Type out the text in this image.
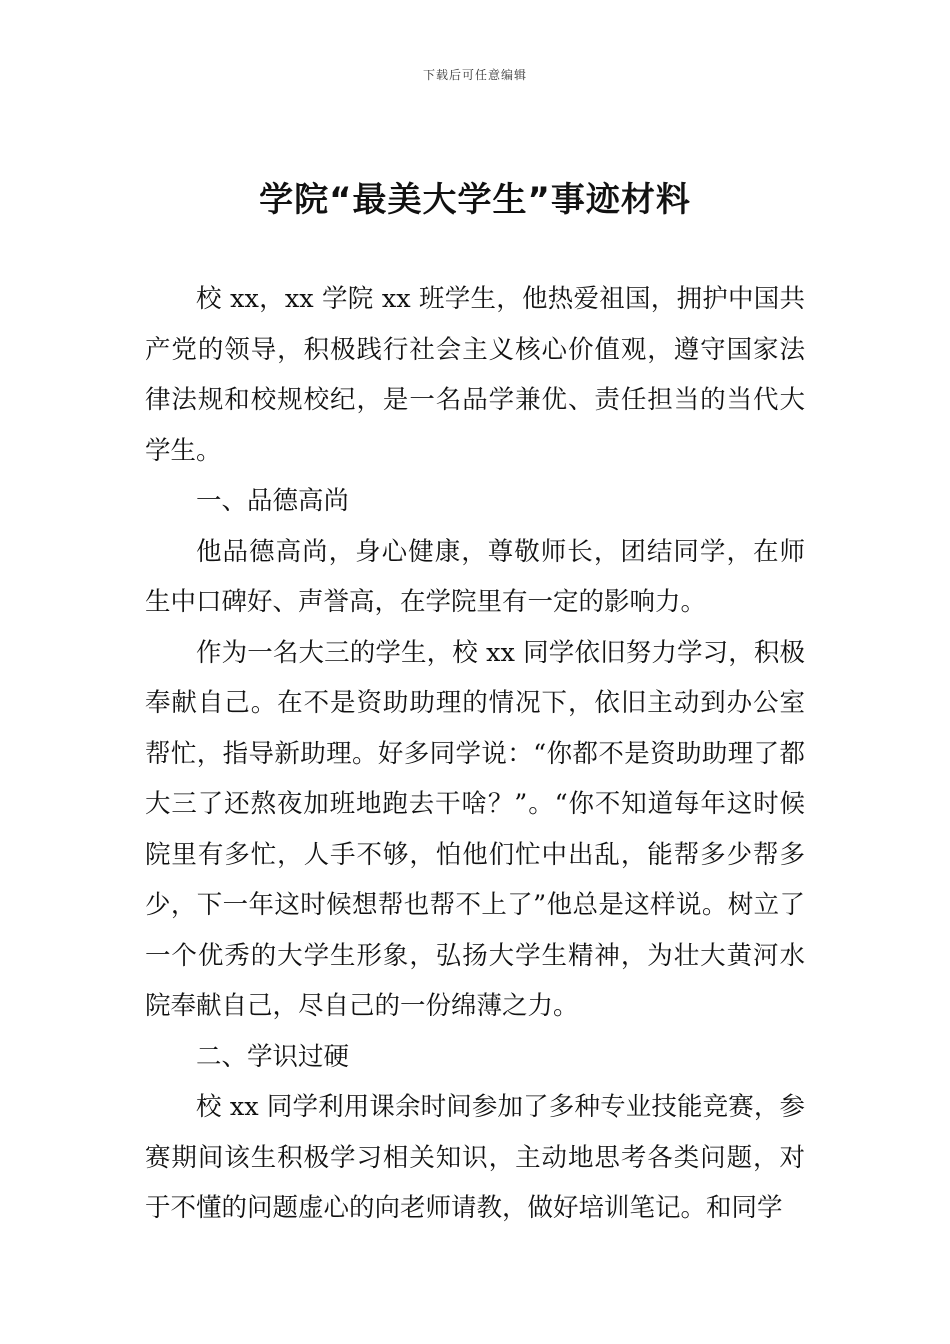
下载后可任意编辑
学院“最美大学生”事迹材料

校 xx，xx 学院 xx 班学生，他热爱祖国，拥护中国共产党的领导，积极践行社会主义核心价值观，遵守国家法律法规和校规校纪，是一名品学兼优、责任担当的当代大学生。

一、品德高尚

他品德高尚，身心健康，尊敬师长，团结同学，在师生中口碑好、声誉高，在学院里有一定的影响力。

作为一名大三的学生，校 xx 同学依旧努力学习，积极奉献自己。在不是资助助理的情况下，依旧主动到办公室帮忙，指导新助理。好多同学说：“你都不是资助助理了都大三了还熬夜加班地跑去干啥？”。“你不知道每年这时候院里有多忙，人手不够，怕他们忙中出乱，能帮多少帮多少，下一年这时候想帮也帮不上了”他总是这样说。树立了一个优秀的大学生形象，弘扬大学生精神，为壮大黄河水院奉献自己，尽自己的一份绵薄之力。

二、学识过硬

校 xx 同学利用课余时间参加了多种专业技能竞赛，参赛期间该生积极学习相关知识，主动地思考各类问题，对于不懂的问题虚心的向老师请教，做好培训笔记。和同学
